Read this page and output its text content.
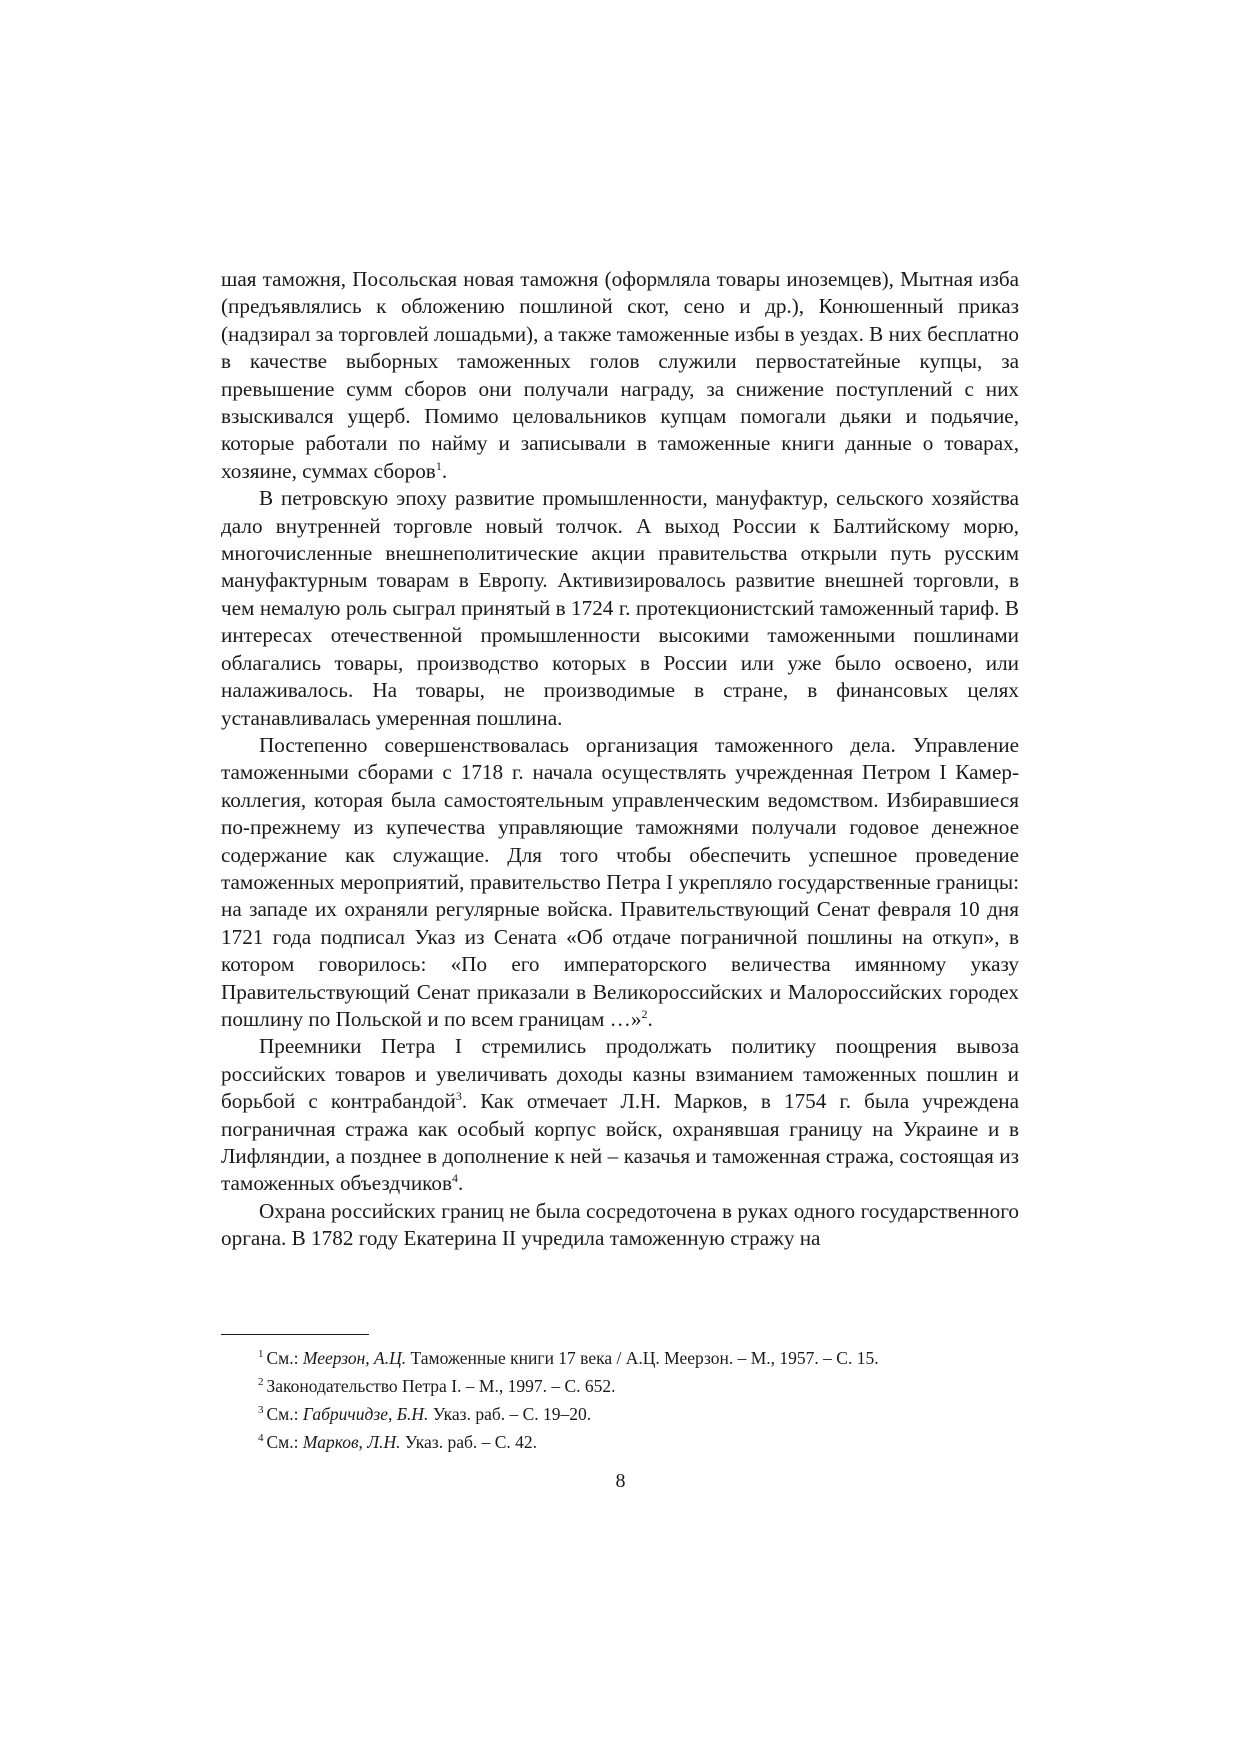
шая таможня, Посольская новая таможня (оформляла товары иноземцев), Мытная изба (предъявлялись к обложению пошлиной скот, сено и др.), Конюшенный приказ (надзирал за торговлей лошадьми), а также таможенные избы в уездах. В них бесплатно в качестве выборных таможенных голов служили первостатейные купцы, за превышение сумм сборов они получали награду, за снижение поступлений с них взыскивался ущерб. Помимо целовальников купцам помогали дьяки и подьячие, которые работали по найму и записывали в таможенные книги данные о товарах, хозяине, суммах сборов$^1$.

В петровскую эпоху развитие промышленности, мануфактур, сельского хозяйства дало внутренней торговле новый толчок. А выход России к Балтийскому морю, многочисленные внешнеполитические акции правительства открыли путь русским мануфактурным товарам в Европу. Активизировалось развитие внешней торговли, в чем немалую роль сыграл принятый в 1724 г. протекционистский таможенный тариф. В интересах отечественной промышленности высокими таможенными пошлинами облагались товары, производство которых в России или уже было освоено, или налаживалось. На товары, не производимые в стране, в финансовых целях устанавливалась умеренная пошлина.

Постепенно совершенствовалась организация таможенного дела. Управление таможенными сборами с 1718 г. начала осуществлять учрежденная Петром I Камер-коллегия, которая была самостоятельным управленческим ведомством. Избиравшиеся по-прежнему из купечества управляющие таможнями получали годовое денежное содержание как служащие. Для того чтобы обеспечить успешное проведение таможенных мероприятий, правительство Петра I укрепляло государственные границы: на западе их охраняли регулярные войска. Правительствующий Сенат февраля 10 дня 1721 года подписал Указ из Сената «Об отдаче пограничной пошлины на откуп», в котором говорилось: «По его императорского величества имянному указу Правительствующий Сенат приказали в Великороссийских и Малороссийских городех пошлину по Польской и по всем границам …»$^2$.

Преемники Петра I стремились продолжать политику поощрения вывоза российских товаров и увеличивать доходы казны взиманием таможенных пошлин и борьбой с контрабандой$^3$. Как отмечает Л.Н. Марков, в 1754 г. была учреждена пограничная стража как особый корпус войск, охранявшая границу на Украине и в Лифляндии, а позднее в дополнение к ней – казачья и таможенная стража, состоящая из таможенных объездчиков$^4$.

Охрана российских границ не была сосредоточена в руках одного государственного органа. В 1782 году Екатерина II учредила таможенную стражу на

$^1$ См.: Меерзон, А.Ц. Таможенные книги 17 века / А.Ц. Меерзон. – М., 1957. – С. 15.

$^2$ Законодательство Петра I. – М., 1997. – С. 652.

$^3$ См.: Габричидзе, Б.Н. Указ. раб. – С. 19–20.

$^4$ См.: Марков, Л.Н. Указ. раб. – С. 42.

8
